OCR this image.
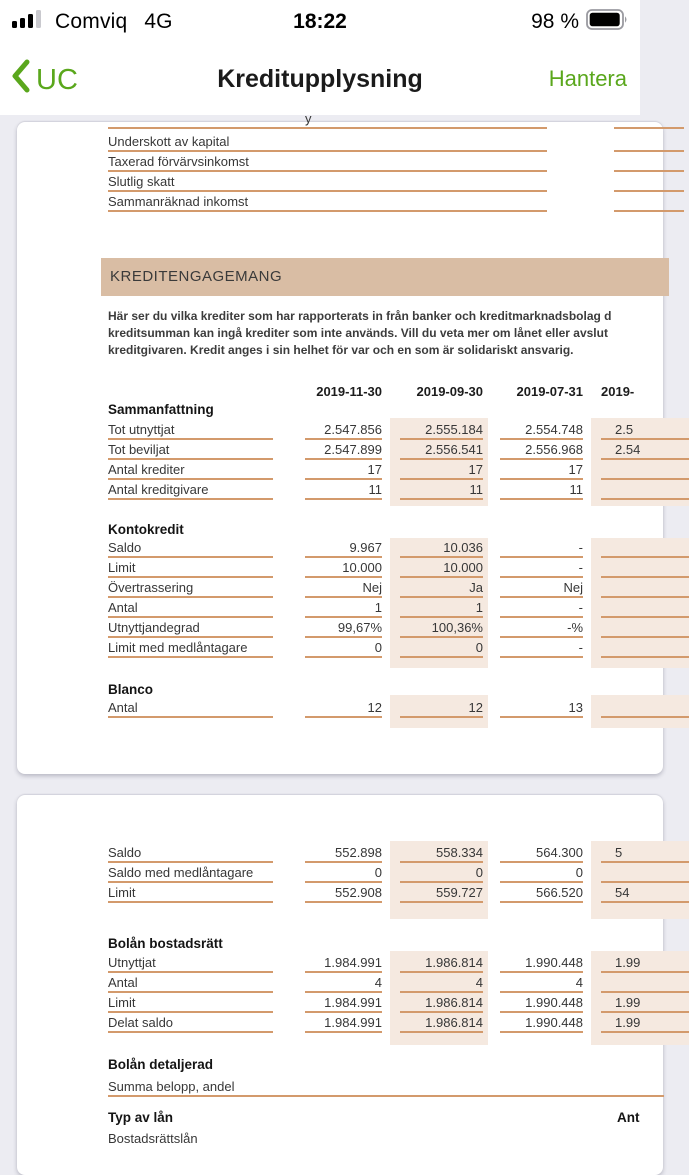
Comviq 4G	18:22	98 %
UC	Kreditupplysning	Hantera
y
Underskott av kapital
Taxerad förvärvsinkomst
Slutlig skatt
Sammanräknad inkomst
KREDITENGAGEMANG
Här ser du vilka krediter som har rapporterats in från banker och kreditmarknadsbolag d
kreditsumman kan ingå krediter som inte används. Vill du veta mer om lånet eller avslut
kreditgivaren. Kredit anges i sin helhet för var och en som är solidariskt ansvarig.
2019-11-30	2019-09-30	2019-07-31 2019-
Sammanfattning
Tot utnyttjat	2.547.856	2.555.184	2.554.748	2.5
Tot beviljat	2.547.899	2.556.541	2.556.968	2.54
Antal krediter	17	17	17
Antal kreditgivare	11	11	11
Kontokredit
Saldo	9.967	10.036	-
Limit	10.000	10.000	-
Övertrassering	Nej	Ja	Nej
Antal	1	1	-
Utnyttjandegrad	99,67%	100,36%	-%
Limit med medlåntagare	0	0	-
Blanco
Antal	12	12	13
Saldo	552.898	558.334	564.300	5
Saldo med medlåntagare	0	0	0
Limit	552.908	559.727	566.520	54
Bolån bostadsrätt
Utnyttjat	1.984.991	1.986.814	1.990.448	1.99
Antal	4	4	4
Limit	1.984.991	1.986.814	1.990.448	1.99
Delat saldo	1.984.991	1.986.814	1.990.448	1.99
Bolån detaljerad
Summa belopp, andel
Typ av lån	Ant
Bostadsrättslån
